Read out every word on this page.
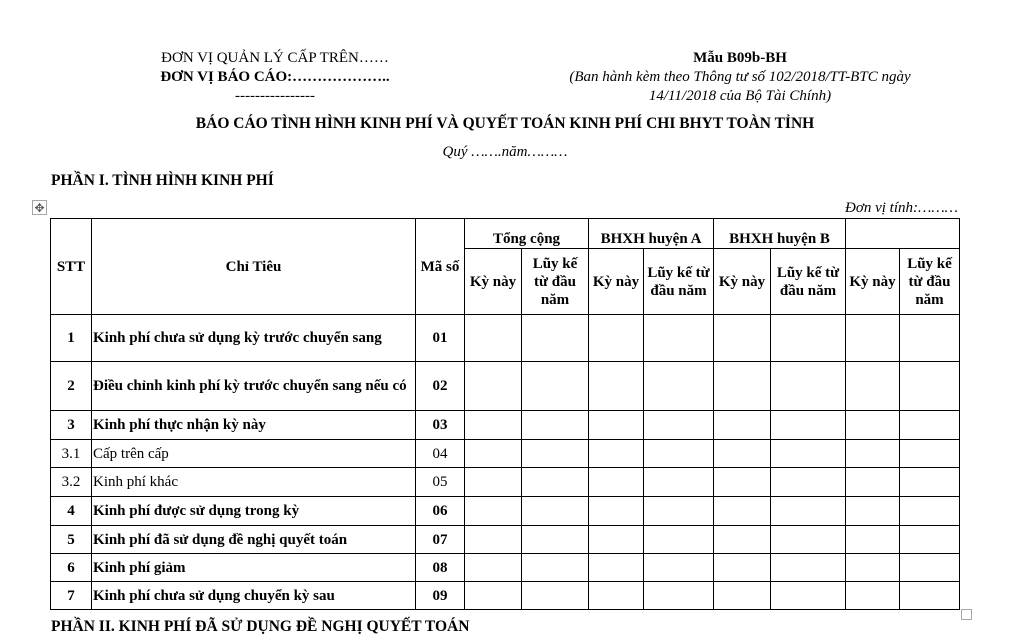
ĐƠN VỊ QUẢN LÝ CẤP TRÊN……
ĐƠN VỊ BÁO CÁO:………………..
----------------
Mẫu B09b-BH
(Ban hành kèm theo Thông tư số 102/2018/TT-BTC ngày
14/11/2018 của Bộ Tài Chính)
BÁO CÁO TÌNH HÌNH KINH PHÍ VÀ QUYẾT TOÁN KINH PHÍ CHI BHYT TOÀN TỈNH
Quý …….năm………
PHẦN I. TÌNH HÌNH KINH PHÍ
✥	Đơn vị tính:………
STT	Chỉ Tiêu	Mã số	Tổng cộng		BHXH huyện A		BHXH huyện B			
			Kỳ này	Lũy kế từ đầu năm	Kỳ này	Lũy kế từ đầu năm	Kỳ này	Lũy kế từ đầu năm	Kỳ này	Lũy kế từ đầu năm
1	Kinh phí chưa sử dụng kỳ trước chuyển sang	01								
2	Điều chỉnh kinh phí kỳ trước chuyển sang nếu có	02								
3	Kinh phí thực nhận kỳ này	03								
3.1	Cấp trên cấp	04								
3.2	Kinh phí khác	05								
4	Kinh phí được sử dụng trong kỳ	06								
5	Kinh phí đã sử dụng đề nghị quyết toán	07								
6	Kinh phí giảm	08								
7	Kinh phí chưa sử dụng chuyển kỳ sau	09								
PHẦN II. KINH PHÍ ĐÃ SỬ DỤNG ĐỀ NGHỊ QUYẾT TOÁN
